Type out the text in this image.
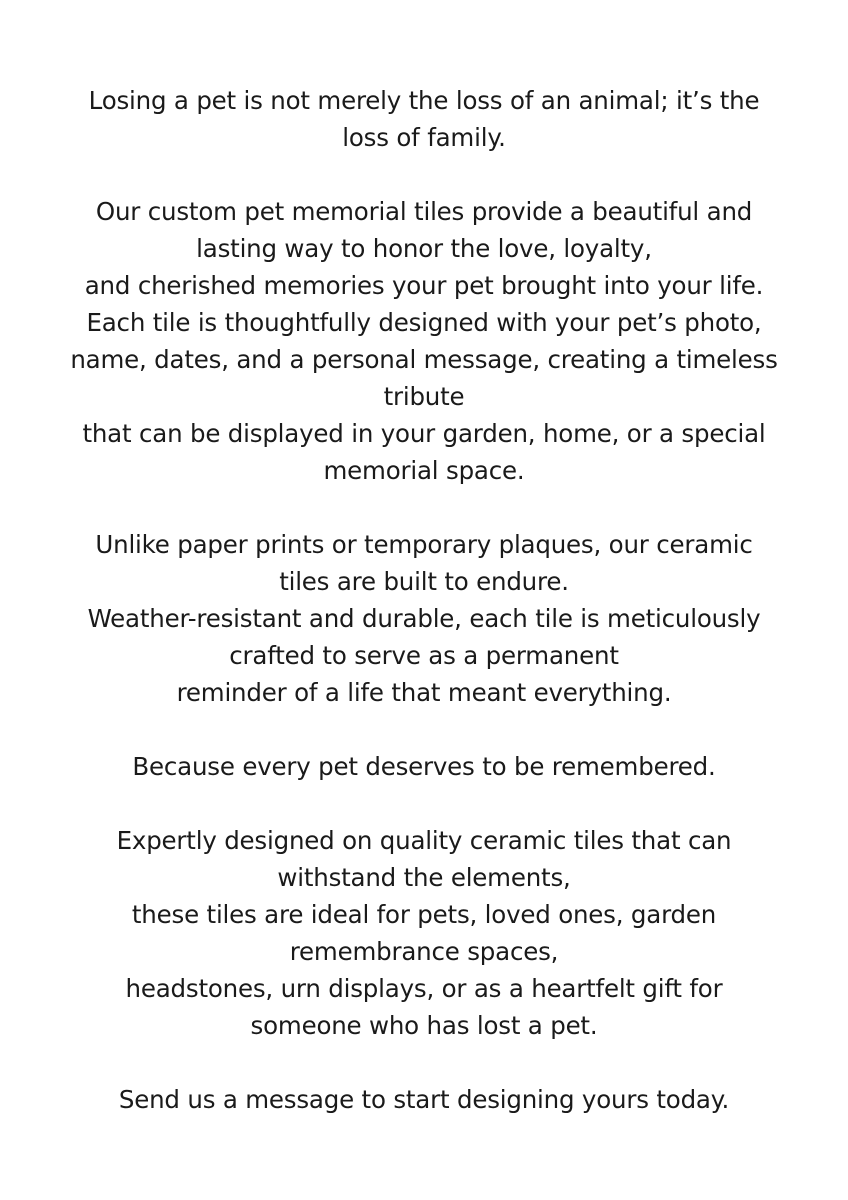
Losing a pet is not merely the loss of an animal; it’s the
loss of family.

Our custom pet memorial tiles provide a beautiful and
lasting way to honor the love, loyalty,
and cherished memories your pet brought into your life.
Each tile is thoughtfully designed with your pet’s photo,
name, dates, and a personal message, creating a timeless
tribute
that can be displayed in your garden, home, or a special
memorial space.

Unlike paper prints or temporary plaques, our ceramic
tiles are built to endure.
Weather-resistant and durable, each tile is meticulously
crafted to serve as a permanent
reminder of a life that meant everything.

Because every pet deserves to be remembered.

Expertly designed on quality ceramic tiles that can
withstand the elements,
these tiles are ideal for pets, loved ones, garden
remembrance spaces,
headstones, urn displays, or as a heartfelt gift for
someone who has lost a pet.

Send us a message to start designing yours today.
